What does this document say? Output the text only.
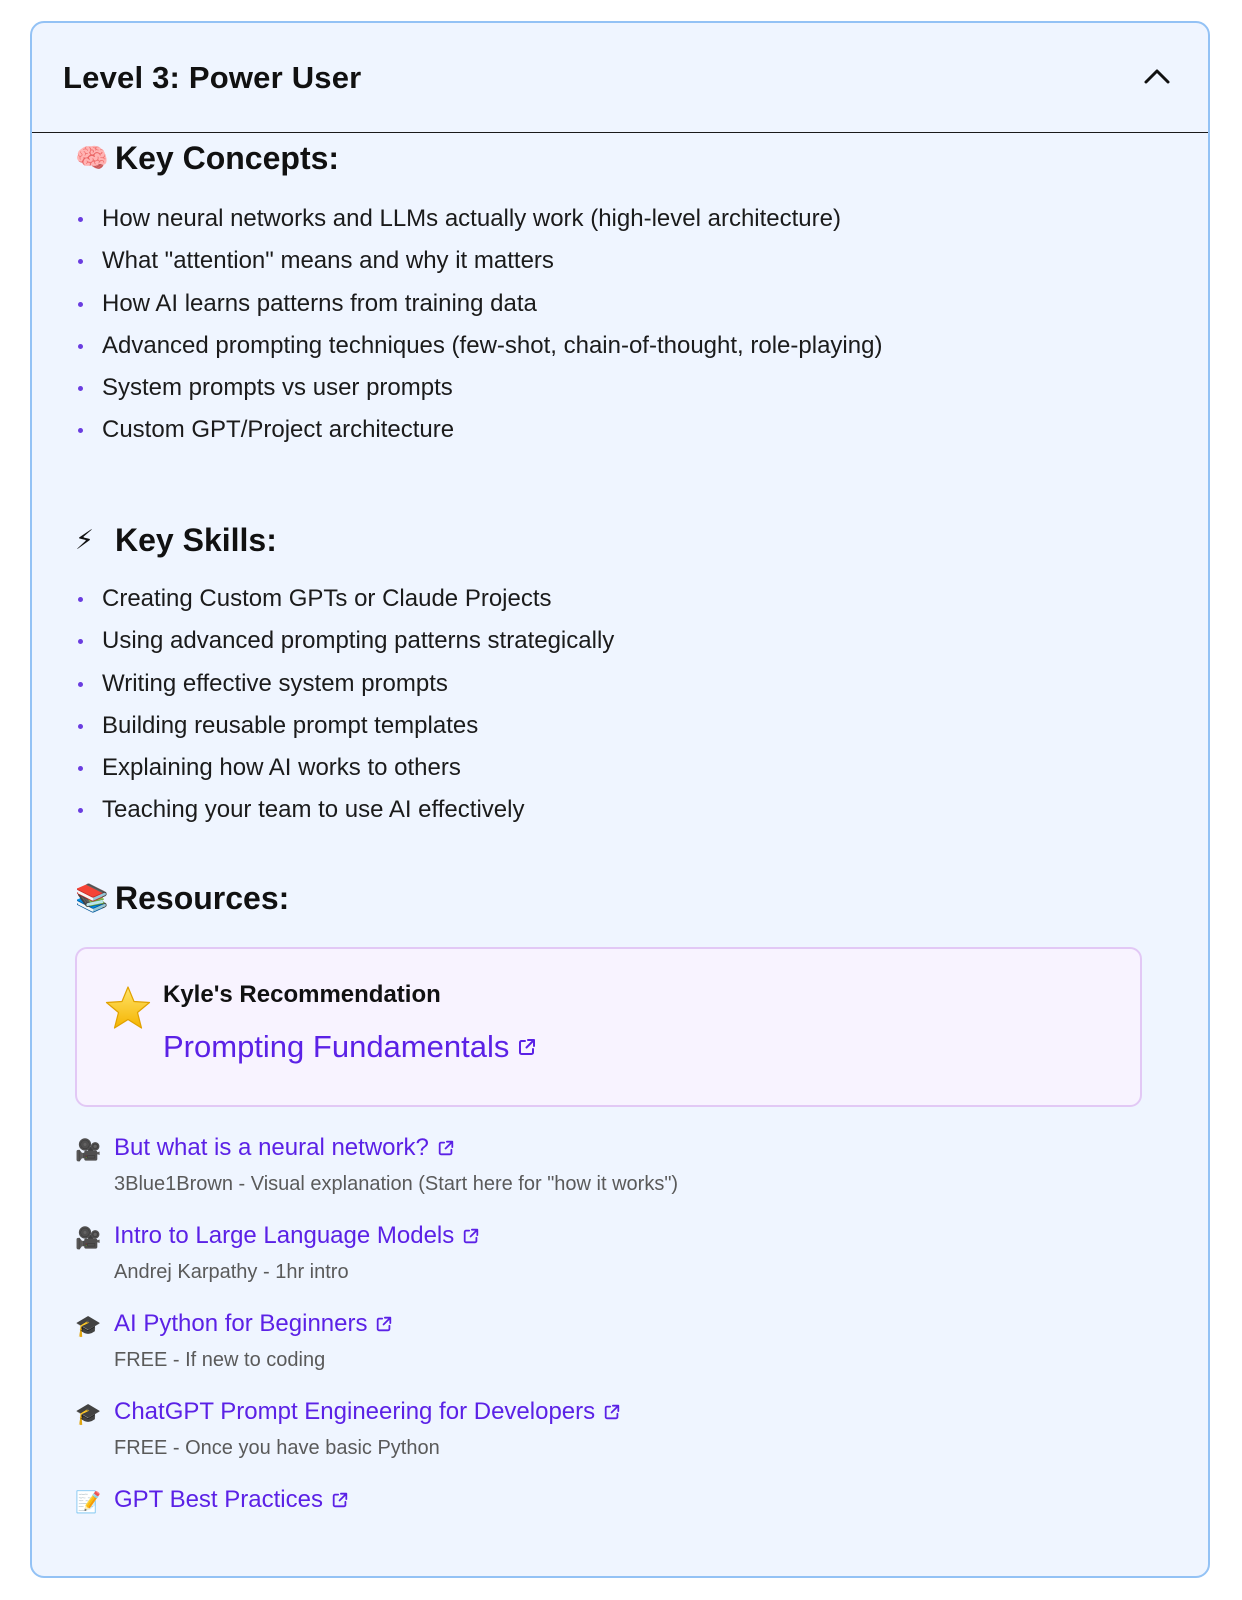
Level 3: Power User
🧠 Key Concepts:
How neural networks and LLMs actually work (high-level architecture)
What "attention" means and why it matters
How AI learns patterns from training data
Advanced prompting techniques (few-shot, chain-of-thought, role-playing)
System prompts vs user prompts
Custom GPT/Project architecture
⚡ Key Skills:
Creating Custom GPTs or Claude Projects
Using advanced prompting patterns strategically
Writing effective system prompts
Building reusable prompt templates
Explaining how AI works to others
Teaching your team to use AI effectively
📚 Resources:
Kyle's Recommendation
Prompting Fundamentals
🎥 But what is a neural network?
3Blue1Brown - Visual explanation (Start here for "how it works")
🎥 Intro to Large Language Models
Andrej Karpathy - 1hr intro
🎓 AI Python for Beginners
FREE - If new to coding
🎓 ChatGPT Prompt Engineering for Developers
FREE - Once you have basic Python
📝 GPT Best Practices
